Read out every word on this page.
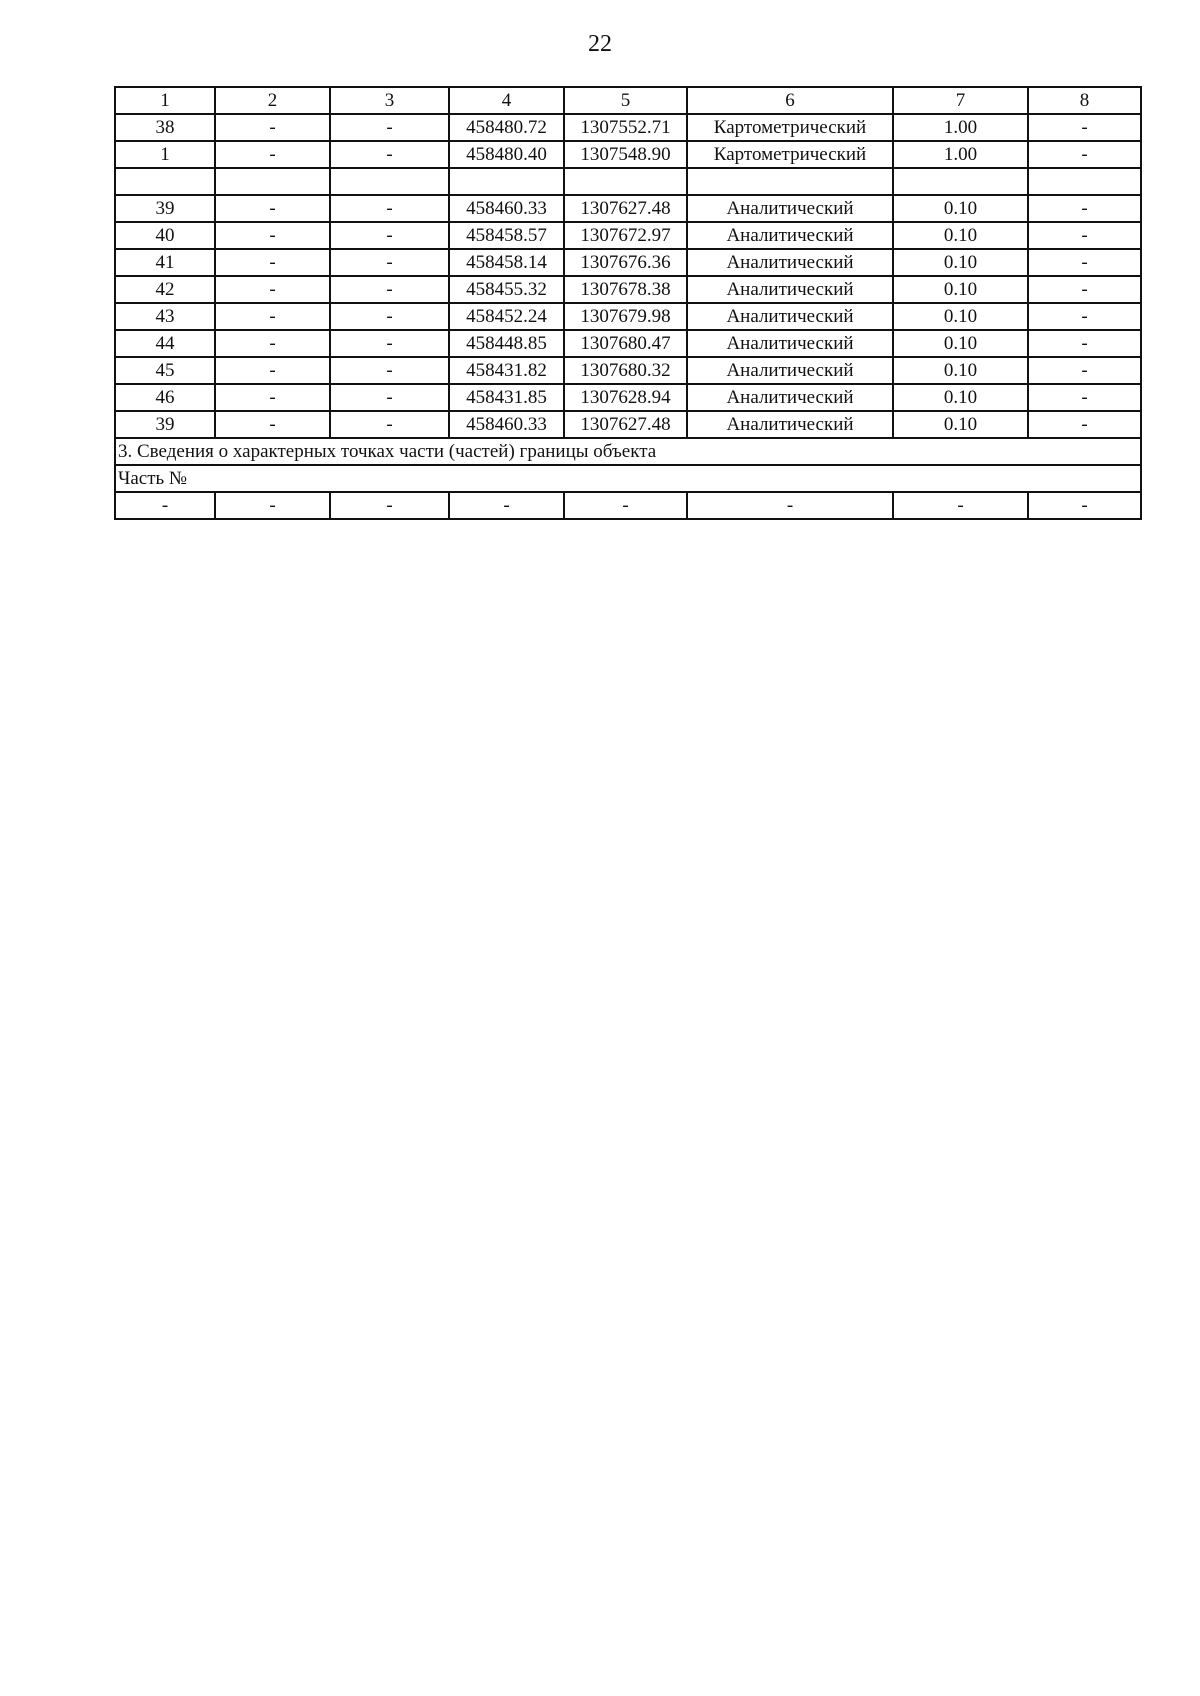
22
1	2	3	4	5	6	7	8
38	-	-	458480.72	1307552.71	Картометрический	1.00	-
1	-	-	458480.40	1307548.90	Картометрический	1.00	-

39	-	-	458460.33	1307627.48	Аналитический	0.10	-
40	-	-	458458.57	1307672.97	Аналитический	0.10	-
41	-	-	458458.14	1307676.36	Аналитический	0.10	-
42	-	-	458455.32	1307678.38	Аналитический	0.10	-
43	-	-	458452.24	1307679.98	Аналитический	0.10	-
44	-	-	458448.85	1307680.47	Аналитический	0.10	-
45	-	-	458431.82	1307680.32	Аналитический	0.10	-
46	-	-	458431.85	1307628.94	Аналитический	0.10	-
39	-	-	458460.33	1307627.48	Аналитический	0.10	-
3. Сведения о характерных точках части (частей) границы объекта							
Часть №							
-	-	-	-	-	-	-	-
